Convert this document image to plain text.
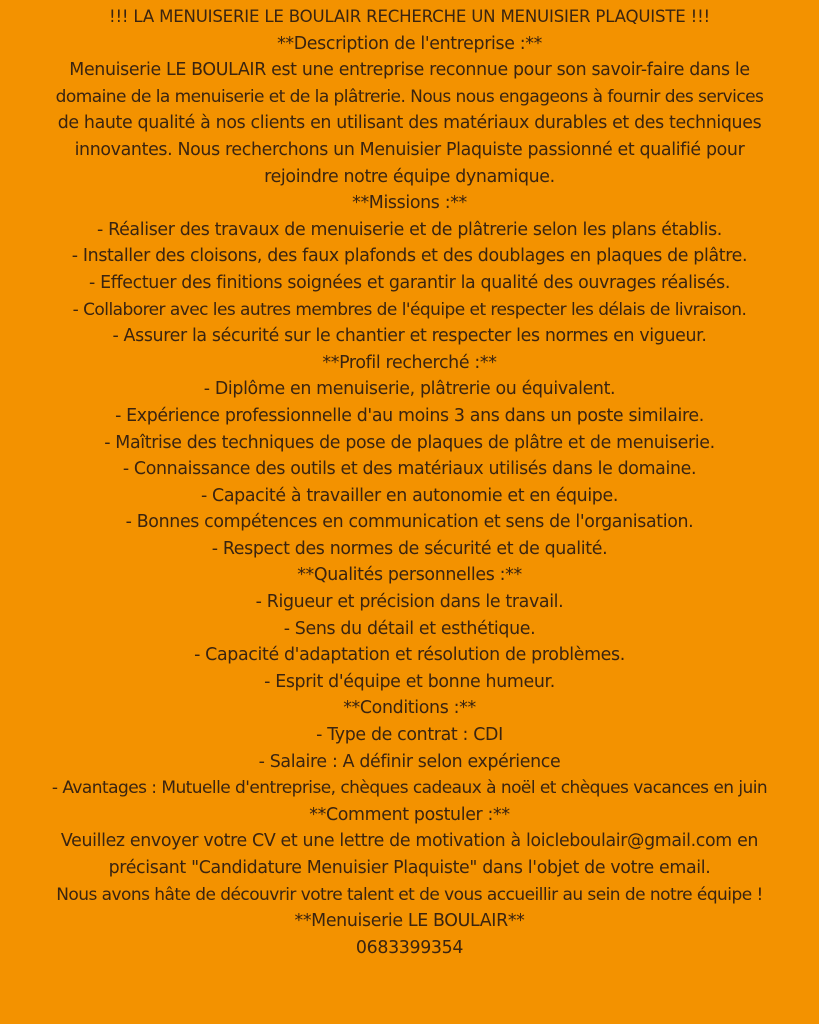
!!! LA MENUISERIE LE BOULAIR RECHERCHE UN MENUISIER PLAQUISTE !!!
**Description de l'entreprise :**
Menuiserie LE BOULAIR est une entreprise reconnue pour son savoir-faire dans le
domaine de la menuiserie et de la plâtrerie. Nous nous engageons à fournir des services
de haute qualité à nos clients en utilisant des matériaux durables et des techniques
innovantes. Nous recherchons un Menuisier Plaquiste passionné et qualifié pour
rejoindre notre équipe dynamique.
**Missions :**
- Réaliser des travaux de menuiserie et de plâtrerie selon les plans établis.
- Installer des cloisons, des faux plafonds et des doublages en plaques de plâtre.
- Effectuer des finitions soignées et garantir la qualité des ouvrages réalisés.
- Collaborer avec les autres membres de l'équipe et respecter les délais de livraison.
- Assurer la sécurité sur le chantier et respecter les normes en vigueur.
**Profil recherché :**
- Diplôme en menuiserie, plâtrerie ou équivalent.
- Expérience professionnelle d'au moins 3 ans dans un poste similaire.
- Maîtrise des techniques de pose de plaques de plâtre et de menuiserie.
- Connaissance des outils et des matériaux utilisés dans le domaine.
- Capacité à travailler en autonomie et en équipe.
- Bonnes compétences en communication et sens de l'organisation.
- Respect des normes de sécurité et de qualité.
**Qualités personnelles :**
- Rigueur et précision dans le travail.
- Sens du détail et esthétique.
- Capacité d'adaptation et résolution de problèmes.
- Esprit d'équipe et bonne humeur.
**Conditions :**
- Type de contrat : CDI
- Salaire : A définir selon expérience
- Avantages : Mutuelle d'entreprise, chèques cadeaux à noël et chèques vacances en juin
**Comment postuler :**
Veuillez envoyer votre CV et une lettre de motivation à loicleboulair@gmail.com en
précisant "Candidature Menuisier Plaquiste" dans l'objet de votre email.
Nous avons hâte de découvrir votre talent et de vous accueillir au sein de notre équipe !
**Menuiserie LE BOULAIR**
0683399354
